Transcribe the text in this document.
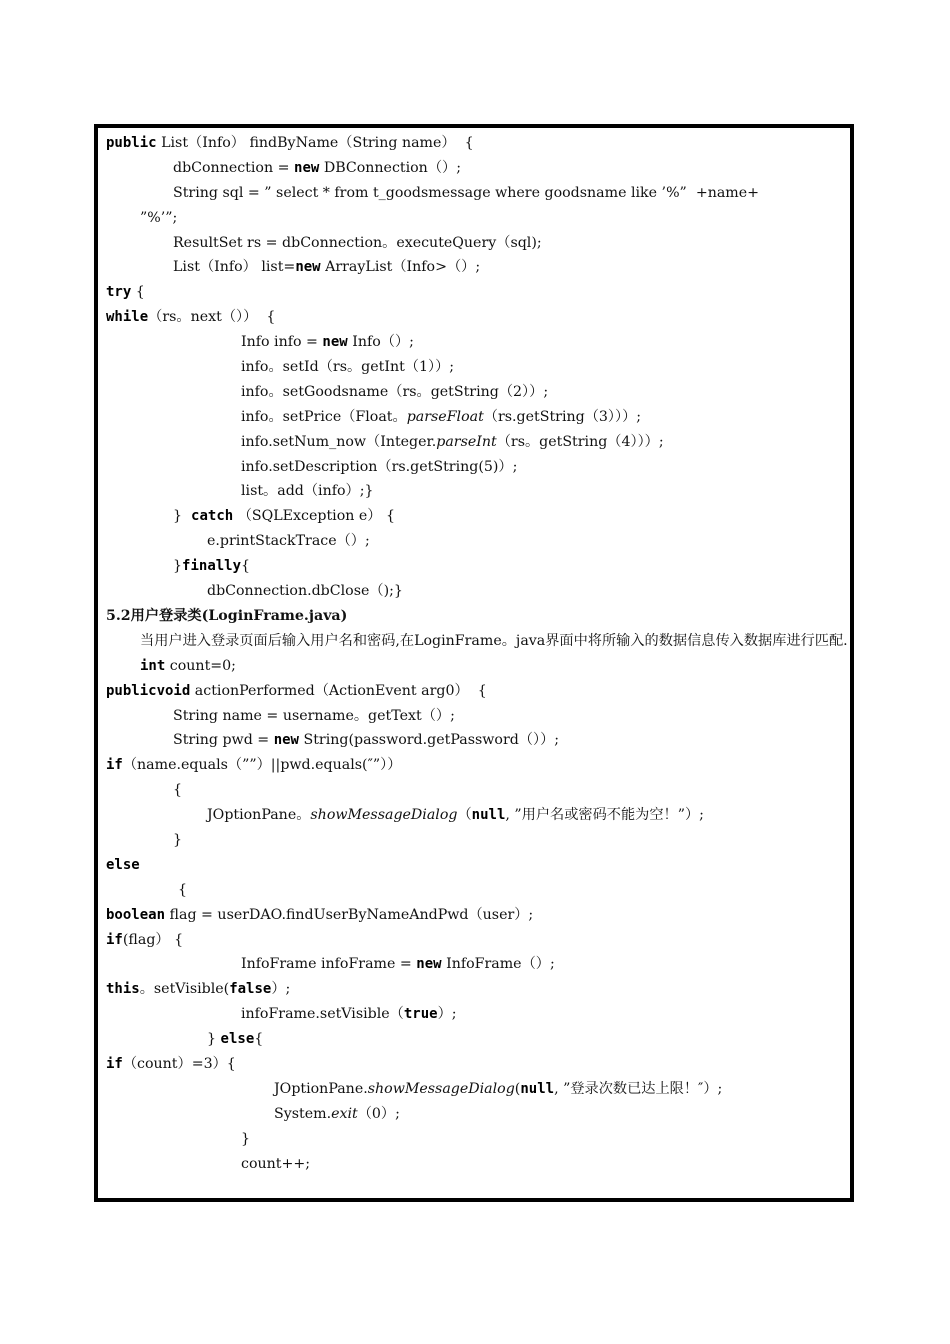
public List（Info） findByName（String name）  {
dbConnection = new DBConnection（）;
String sql = ” select * from t_goodsmessage where goodsname like ’%”  +name+
”%’”;
ResultSet rs = dbConnection。executeQuery（sql);
List（Info） list=new ArrayList（Info>（）;
try {
while（rs。next（））  {
Info info = new Info（）;
info。setId（rs。getInt（1））;
info。setGoodsname（rs。getString（2））;
info。setPrice（Float。parseFloat（rs.getString（3）））;
info.setNum_now（Integer.parseInt（rs。getString（4）））;
info.setDescription（rs.getString(5)）;
list。add（info）;}
}  catch （SQLException e） {
e.printStackTrace（）;
}finally{
dbConnection.dbClose（);}
5.2用户登录类(LoginFrame.java)
当用户进入登录页面后输入用户名和密码,在LoginFrame。java界面中将所输入的数据信息传入数据库进行匹配.
int count=0;
publicvoid actionPerformed（ActionEvent arg0）  {
String name = username。getText（）;
String pwd = new String(password.getPassword（））;
if（name.equals（””）||pwd.equals(″”））
{
JOptionPane。showMessageDialog（null, ”用户名或密码不能为空！”）;
}
else
{
boolean flag = userDAO.findUserByNameAndPwd（user）;
if(flag） {
InfoFrame infoFrame = new InfoFrame（）;
this。setVisible(false）;
infoFrame.setVisible（true）;
} else{
if（count）=3）{
JOptionPane.showMessageDialog(null, ”登录次数已达上限！″）;
System.exit（0）;
}
count++;
